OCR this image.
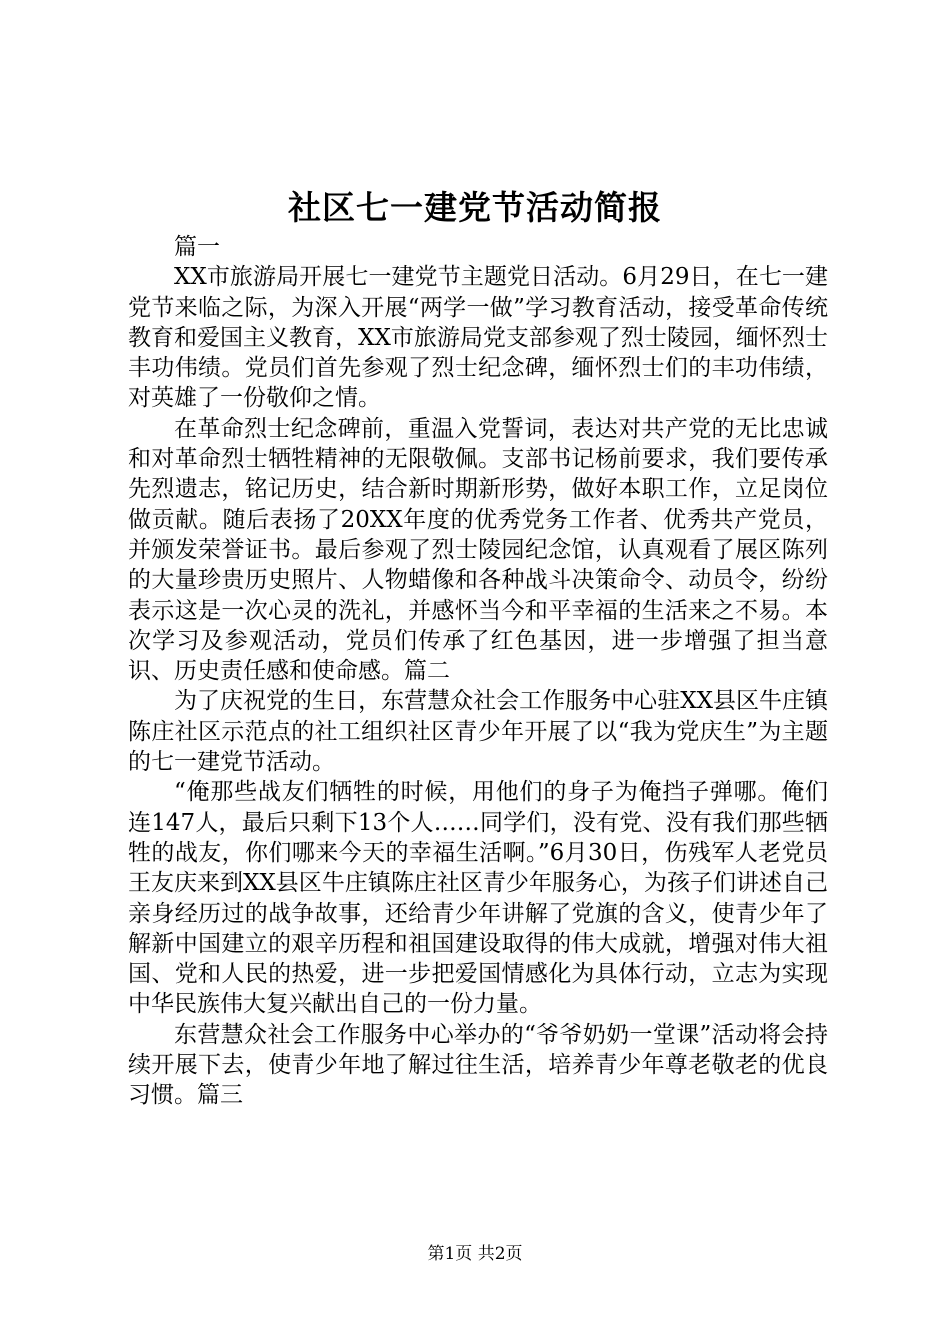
社区七一建党节活动简报

篇一

XX市旅游局开展七一建党节主题党日活动。6月29日，在七一建党节来临之际，为深入开展“两学一做”学习教育活动，接受革命传统教育和爱国主义教育，XX市旅游局党支部参观了烈士陵园，缅怀烈士丰功伟绩。党员们首先参观了烈士纪念碑，缅怀烈士们的丰功伟绩，对英雄了一份敬仰之情。

在革命烈士纪念碑前，重温入党誓词，表达对共产党的无比忠诚和对革命烈士牺牲精神的无限敬佩。支部书记杨前要求，我们要传承先烈遗志，铭记历史，结合新时期新形势，做好本职工作，立足岗位做贡献。随后表扬了20XX年度的优秀党务工作者、优秀共产党员，并颁发荣誉证书。最后参观了烈士陵园纪念馆，认真观看了展区陈列的大量珍贵历史照片、人物蜡像和各种战斗决策命令、动员令，纷纷表示这是一次心灵的洗礼，并感怀当今和平幸福的生活来之不易。本次学习及参观活动，党员们传承了红色基因，进一步增强了担当意识、历史责任感和使命感。篇二

为了庆祝党的生日，东营慧众社会工作服务中心驻XX县区牛庄镇陈庄社区示范点的社工组织社区青少年开展了以“我为党庆生”为主题的七一建党节活动。

“俺那些战友们牺牲的时候，用他们的身子为俺挡子弹哪。俺们连147人，最后只剩下13个人……同学们，没有党、没有我们那些牺牲的战友，你们哪来今天的幸福生活啊。”6月30日，伤残军人老党员王友庆来到XX县区牛庄镇陈庄社区青少年服务心，为孩子们讲述自己亲身经历过的战争故事，还给青少年讲解了党旗的含义，使青少年了解新中国建立的艰辛历程和祖国建设取得的伟大成就，增强对伟大祖国、党和人民的热爱，进一步把爱国情感化为具体行动，立志为实现中华民族伟大复兴献出自己的一份力量。

东营慧众社会工作服务中心举办的“爷爷奶奶一堂课”活动将会持续开展下去，使青少年地了解过往生活，培养青少年尊老敬老的优良习惯。篇三

第1页 共2页
